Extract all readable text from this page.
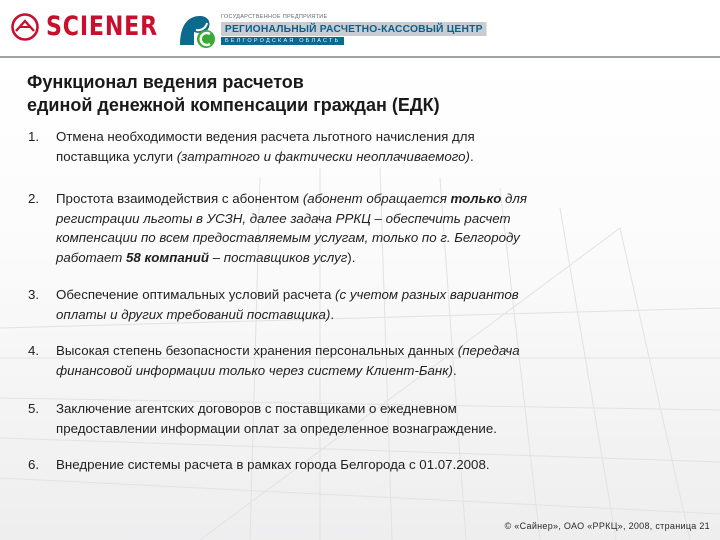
SCIENER	ГОСУДАРСТВЕННОЕ ПРЕДПРИЯТИЕ
РЕГИОНАЛЬНЫЙ РАСЧЕТНО-КАССОВЫЙ ЦЕНТР
БЕЛГОРОДСКАЯ ОБЛАСТЬ
Функционал ведения расчетов
единой денежной компенсации граждан (ЕДК)
1. Отмена необходимости ведения расчета льготного начисления для
поставщика услуги (затратного и фактически неоплачиваемого).
2. Простота взаимодействия с абонентом (абонент обращается только для
регистрации льготы в УСЗН, далее задача РРКЦ – обеспечить расчет
компенсации по всем предоставляемым услугам, только по г. Белгороду
работает 58 компаний – поставщиков услуг).
3. Обеспечение оптимальных условий расчета (с учетом разных вариантов
оплаты и других требований поставщика).
4. Высокая степень безопасности хранения персональных данных (передача
финансовой информации только через систему Клиент-Банк).
5. Заключение агентских договоров с поставщиками о ежедневном
предоставлении информации оплат за определенное вознаграждение.
6. Внедрение системы расчета в рамках города Белгорода с 01.07.2008.
© «Сайнер», ОАО «РРКЦ», 2008, страница 21
